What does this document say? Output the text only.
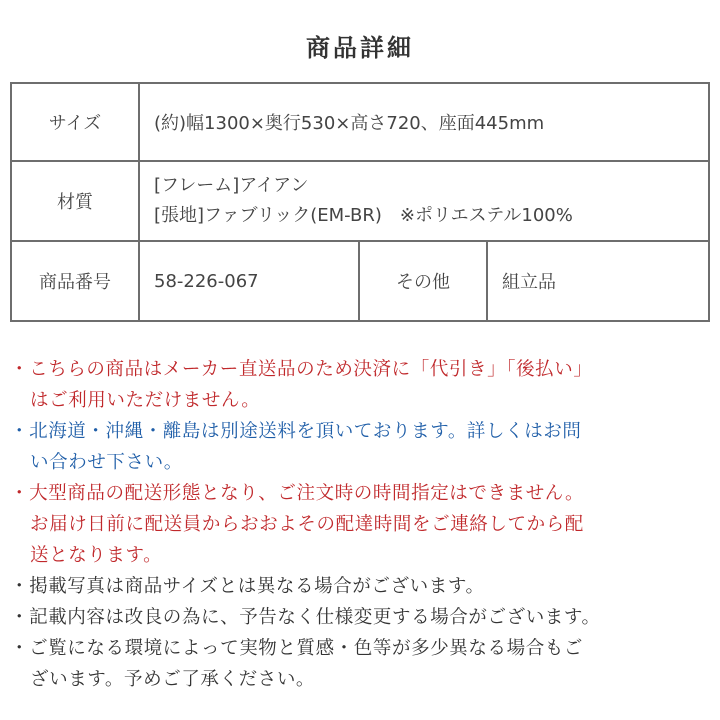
商品詳細
サイズ	(約)幅1300×奥行530×高さ720、座面445mm		
材質	[フレーム]アイアン
[張地]ファブリック(EM-BR)　※ポリエステル100%		

商品番号	58-226-067	その他	組立品
・こちらの商品はメーカー直送品のため決済に「代引き」「後払い」
はご利用いただけません。
・北海道・沖縄・離島は別途送料を頂いております。詳しくはお問
い合わせ下さい。
・大型商品の配送形態となり、ご注文時の時間指定はできません。
お届け日前に配送員からおおよその配達時間をご連絡してから配
送となります。
・掲載写真は商品サイズとは異なる場合がございます。
・記載内容は改良の為に、予告なく仕様変更する場合がございます。
・ご覧になる環境によって実物と質感・色等が多少異なる場合もご
ざいます。予めご了承ください。
